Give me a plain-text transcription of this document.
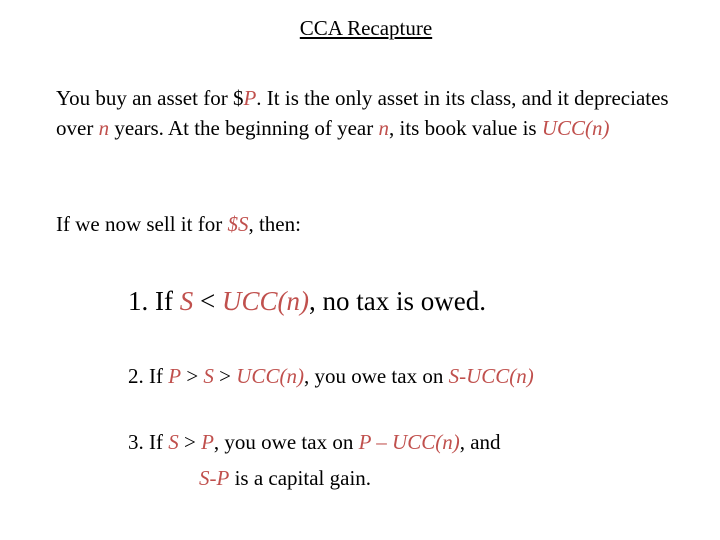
CCA Recapture

You buy an asset for $P. It is the only asset in its class, and it depreciates over n years. At the beginning of year n, its book value is UCC(n)

If we now sell it for $S, then:

1. If S < UCC(n), no tax is owed.

2. If P > S > UCC(n), you owe tax on S-UCC(n)

3. If S > P, you owe tax on P – UCC(n), and

S-P is a capital gain.
